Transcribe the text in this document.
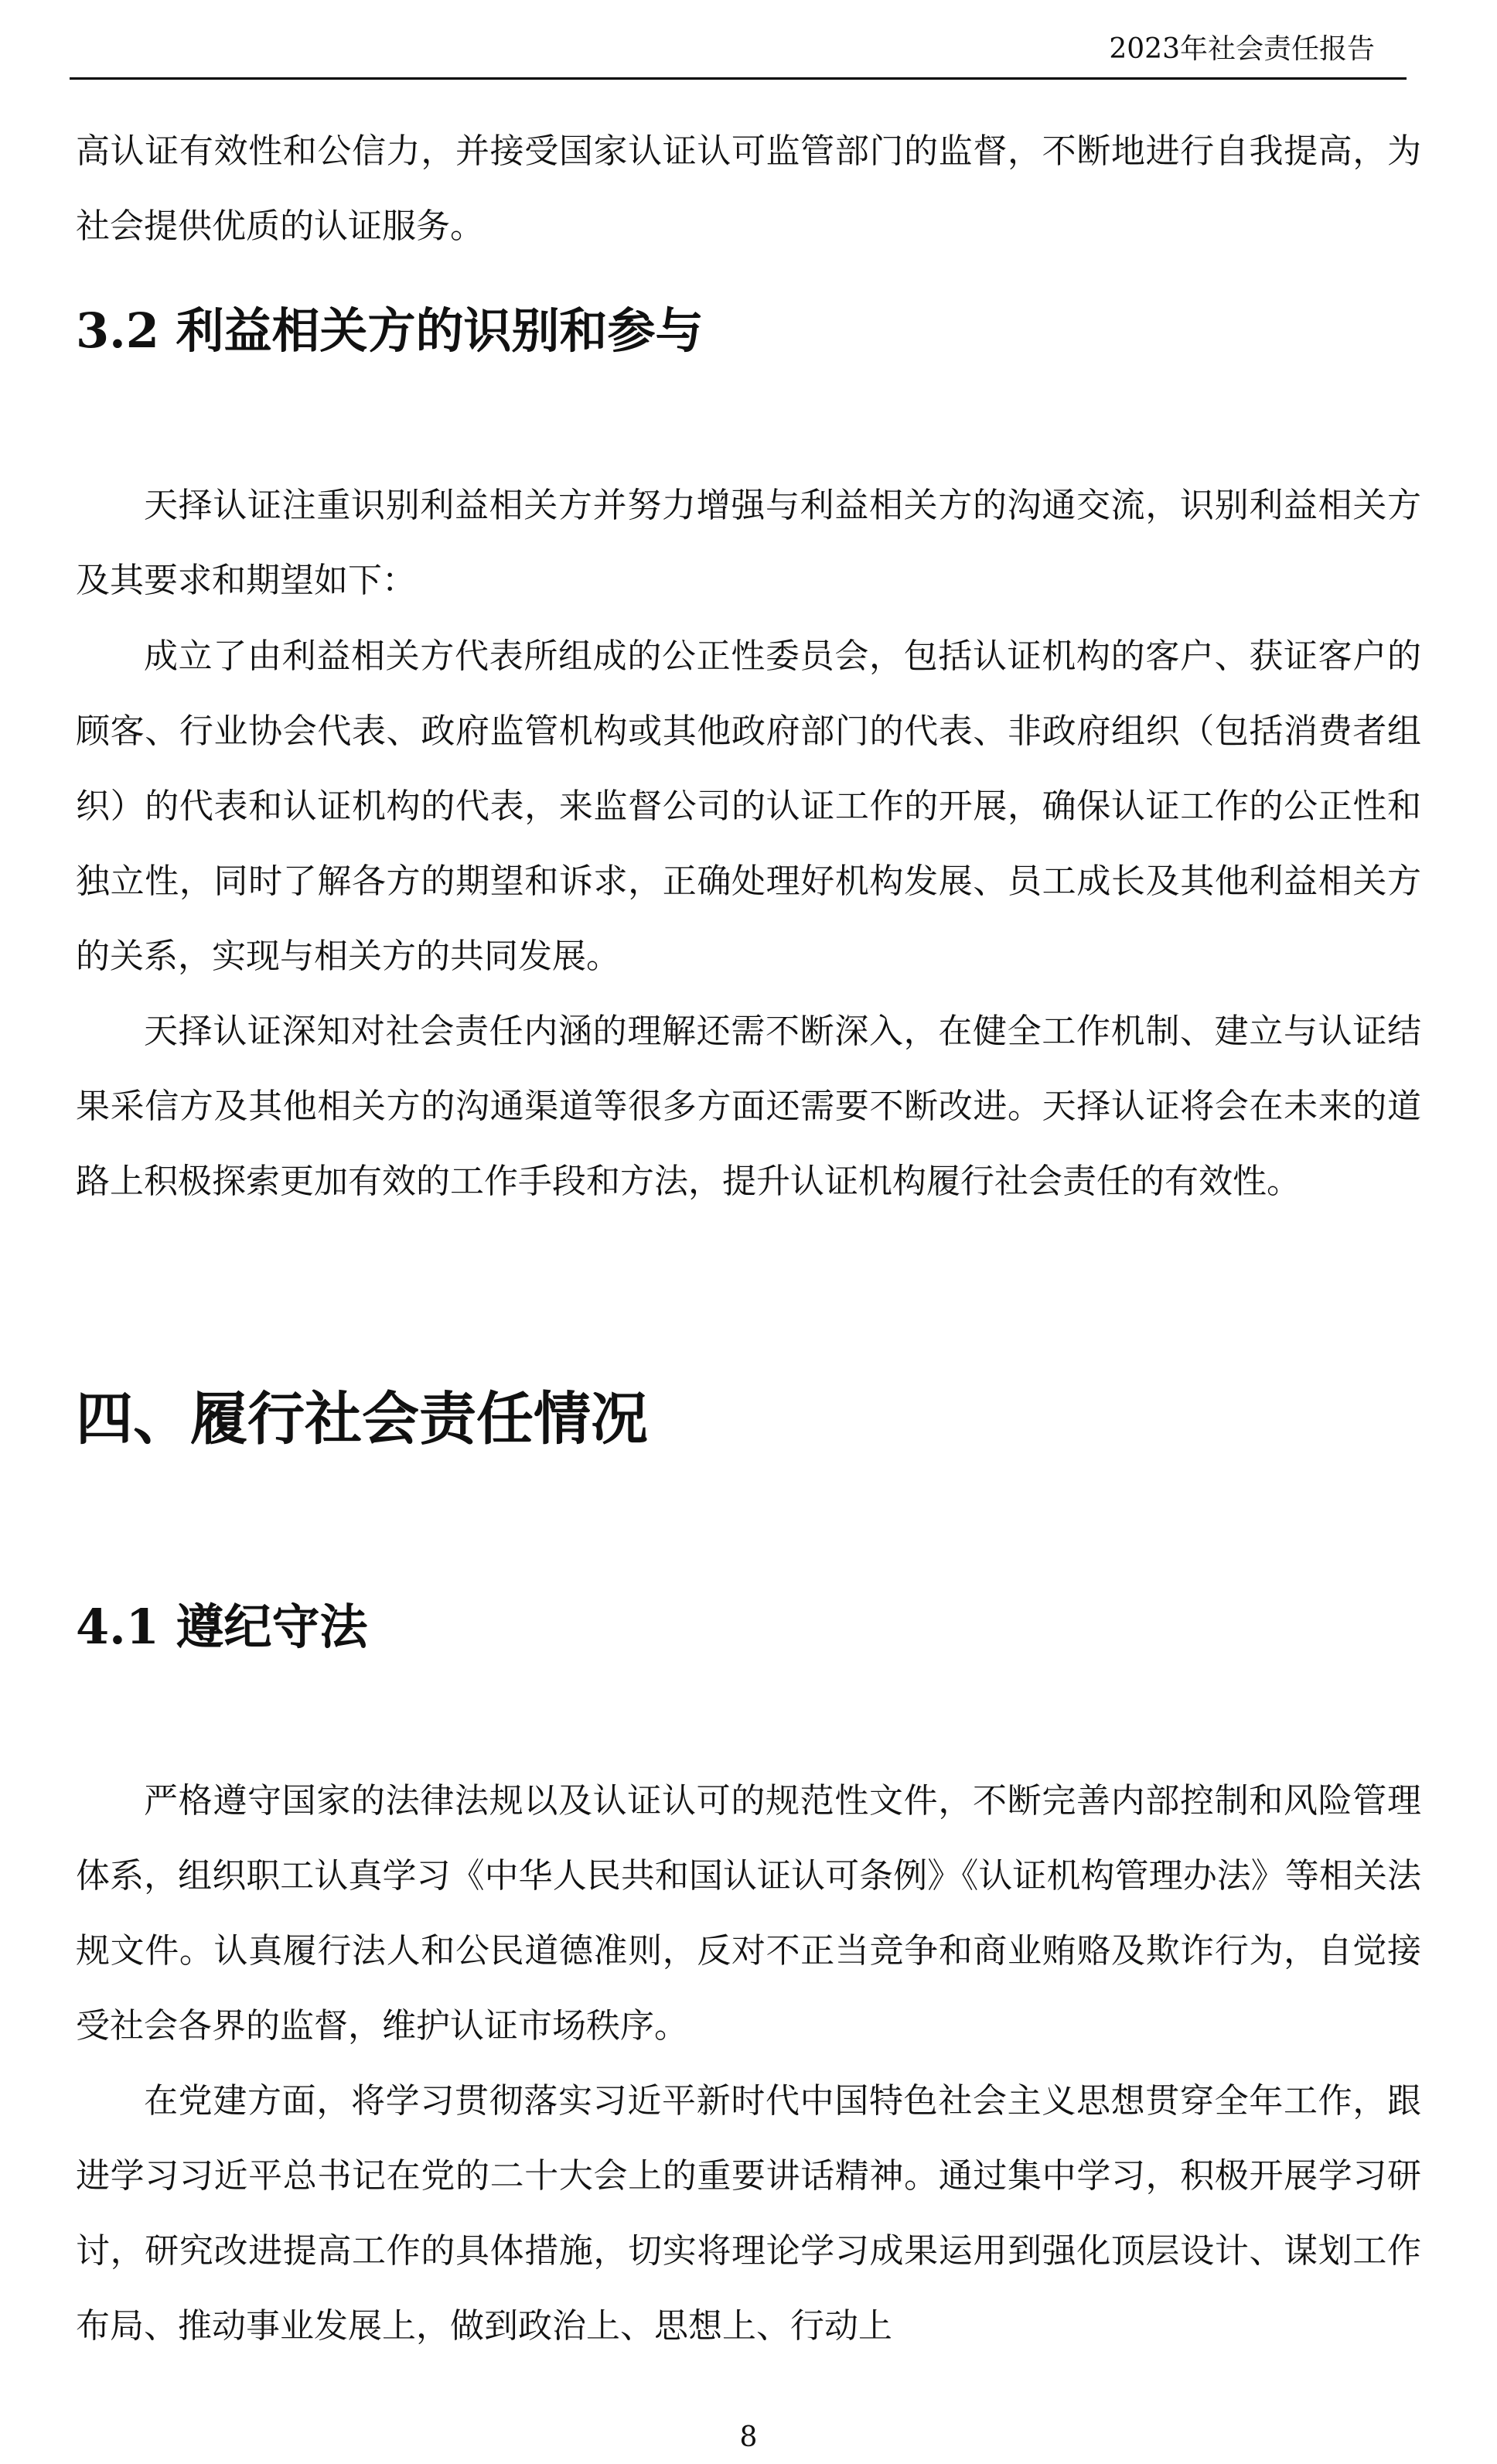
2023年社会责任报告

高认证有效性和公信力，并接受国家认证认可监管部门的监督，不断地进行自我提高，为社会提供优质的认证服务。

3.2 利益相关方的识别和参与

天择认证注重识别利益相关方并努力增强与利益相关方的沟通交流，识别利益相关方及其要求和期望如下：

成立了由利益相关方代表所组成的公正性委员会，包括认证机构的客户、获证客户的顾客、行业协会代表、政府监管机构或其他政府部门的代表、非政府组织（包括消费者组织）的代表和认证机构的代表，来监督公司的认证工作的开展，确保认证工作的公正性和独立性，同时了解各方的期望和诉求，正确处理好机构发展、员工成长及其他利益相关方的关系，实现与相关方的共同发展。

天择认证深知对社会责任内涵的理解还需不断深入，在健全工作机制、建立与认证结果采信方及其他相关方的沟通渠道等很多方面还需要不断改进。天择认证将会在未来的道路上积极探索更加有效的工作手段和方法，提升认证机构履行社会责任的有效性。

四、履行社会责任情况
4.1 遵纪守法

严格遵守国家的法律法规以及认证认可的规范性文件，不断完善内部控制和风险管理体系，组织职工认真学习《中华人民共和国认证认可条例》《认证机构管理办法》等相关法规文件。认真履行法人和公民道德准则，反对不正当竞争和商业贿赂及欺诈行为，自觉接受社会各界的监督，维护认证市场秩序。

在党建方面，将学习贯彻落实习近平新时代中国特色社会主义思想贯穿全年工作，跟进学习习近平总书记在党的二十大会上的重要讲话精神。通过集中学习，积极开展学习研讨，研究改进提高工作的具体措施，切实将理论学习成果运用到强化顶层设计、谋划工作布局、推动事业发展上，做到政治上、思想上、行动上

8
